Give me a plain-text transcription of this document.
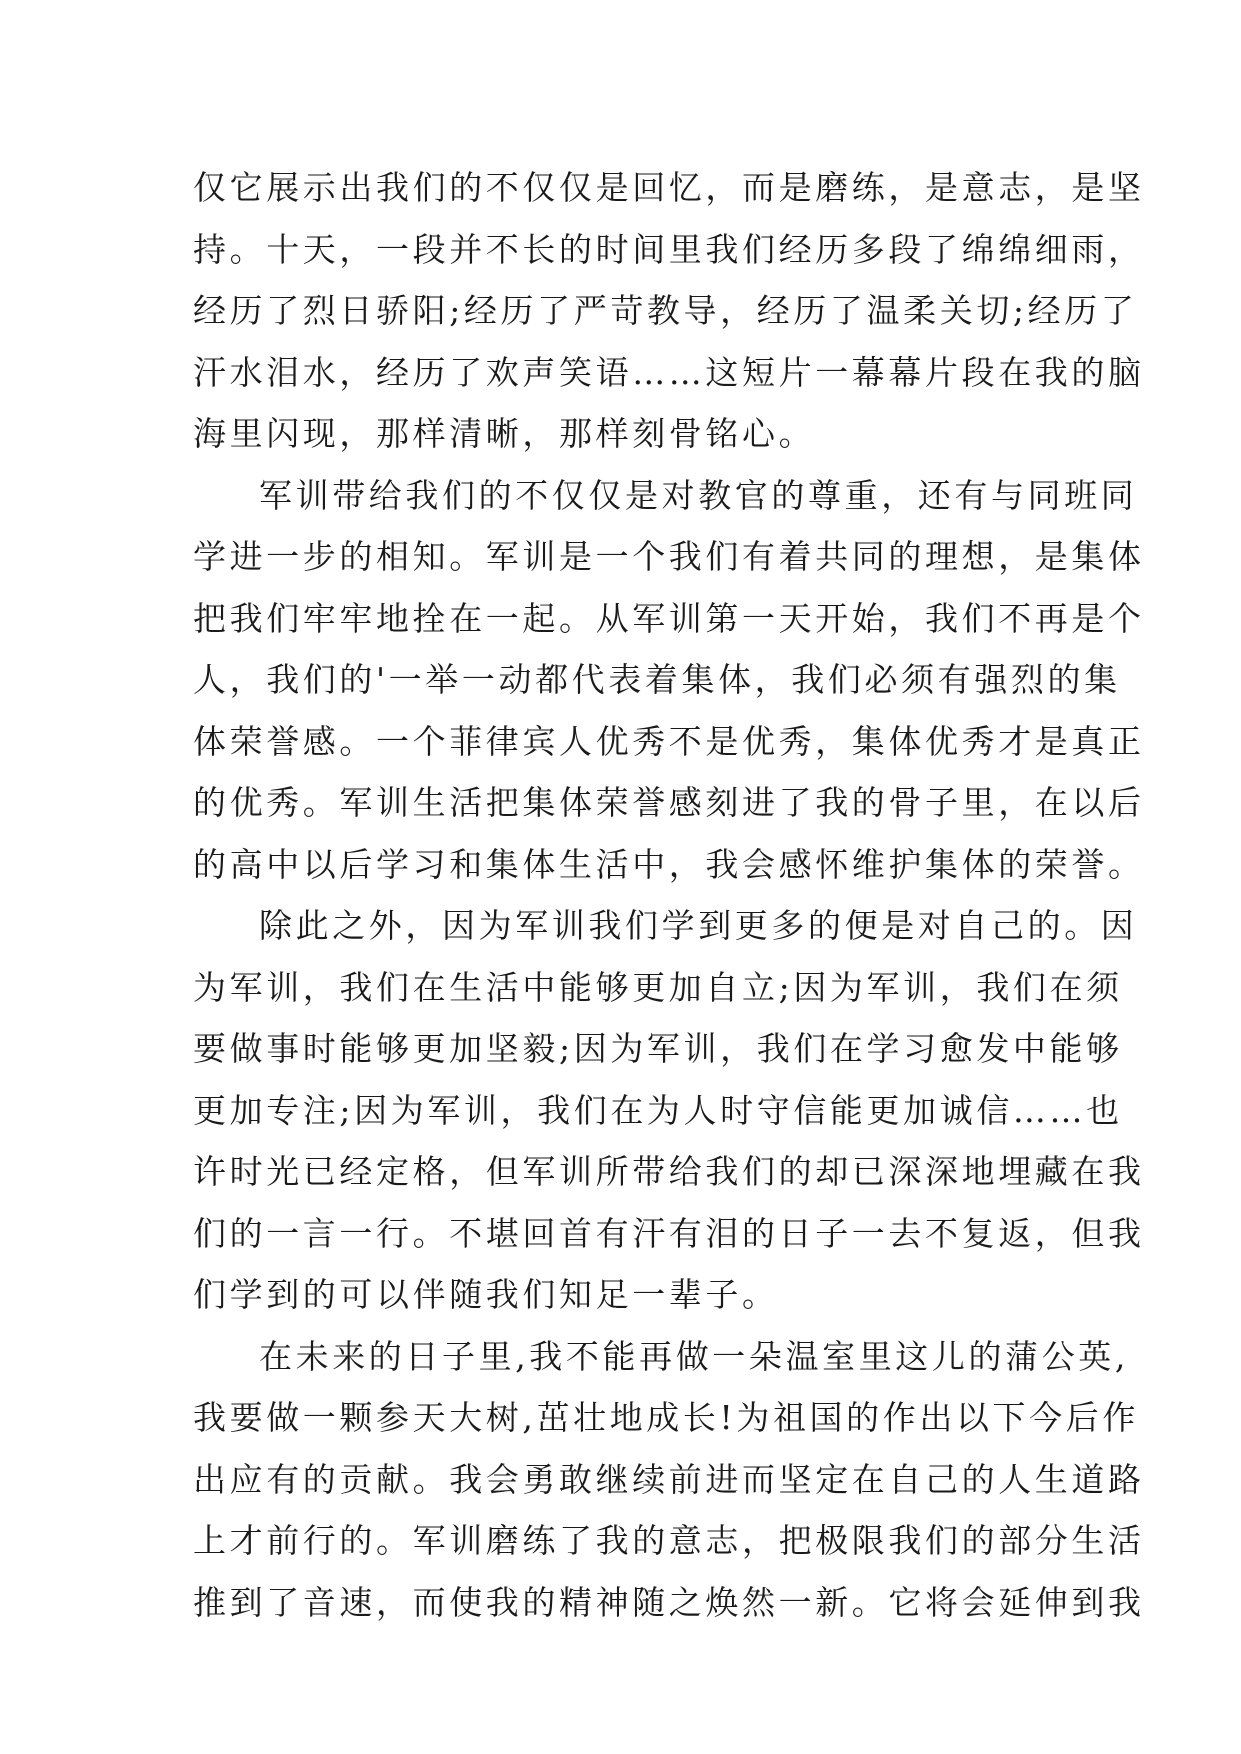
仅它展示出我们的不仅仅是回忆，而是磨练，是意志，是坚
持。十天，一段并不长的时间里我们经历多段了绵绵细雨，
经历了烈日骄阳;经历了严苛教导，经历了温柔关切;经历了
汗水泪水，经历了欢声笑语……这短片一幕幕片段在我的脑
海里闪现，那样清晰，那样刻骨铭心。
军训带给我们的不仅仅是对教官的尊重，还有与同班同
学进一步的相知。军训是一个我们有着共同的理想，是集体
把我们牢牢地拴在一起。从军训第一天开始，我们不再是个
人，我们的'一举一动都代表着集体，我们必须有强烈的集
体荣誉感。一个菲律宾人优秀不是优秀，集体优秀才是真正
的优秀。军训生活把集体荣誉感刻进了我的骨子里，在以后
的高中以后学习和集体生活中，我会感怀维护集体的荣誉。
除此之外，因为军训我们学到更多的便是对自己的。因
为军训，我们在生活中能够更加自立;因为军训，我们在须
要做事时能够更加坚毅;因为军训，我们在学习愈发中能够
更加专注;因为军训，我们在为人时守信能更加诚信……也
许时光已经定格，但军训所带给我们的却已深深地埋藏在我
们的一言一行。不堪回首有汗有泪的日子一去不复返，但我
们学到的可以伴随我们知足一辈子。
在未来的日子里,我不能再做一朵温室里这儿的蒲公英,
我要做一颗参天大树,茁壮地成长!为祖国的作出以下今后作
出应有的贡献。我会勇敢继续前进而坚定在自己的人生道路
上才前行的。军训磨练了我的意志，把极限我们的部分生活
推到了音速，而使我的精神随之焕然一新。它将会延伸到我
